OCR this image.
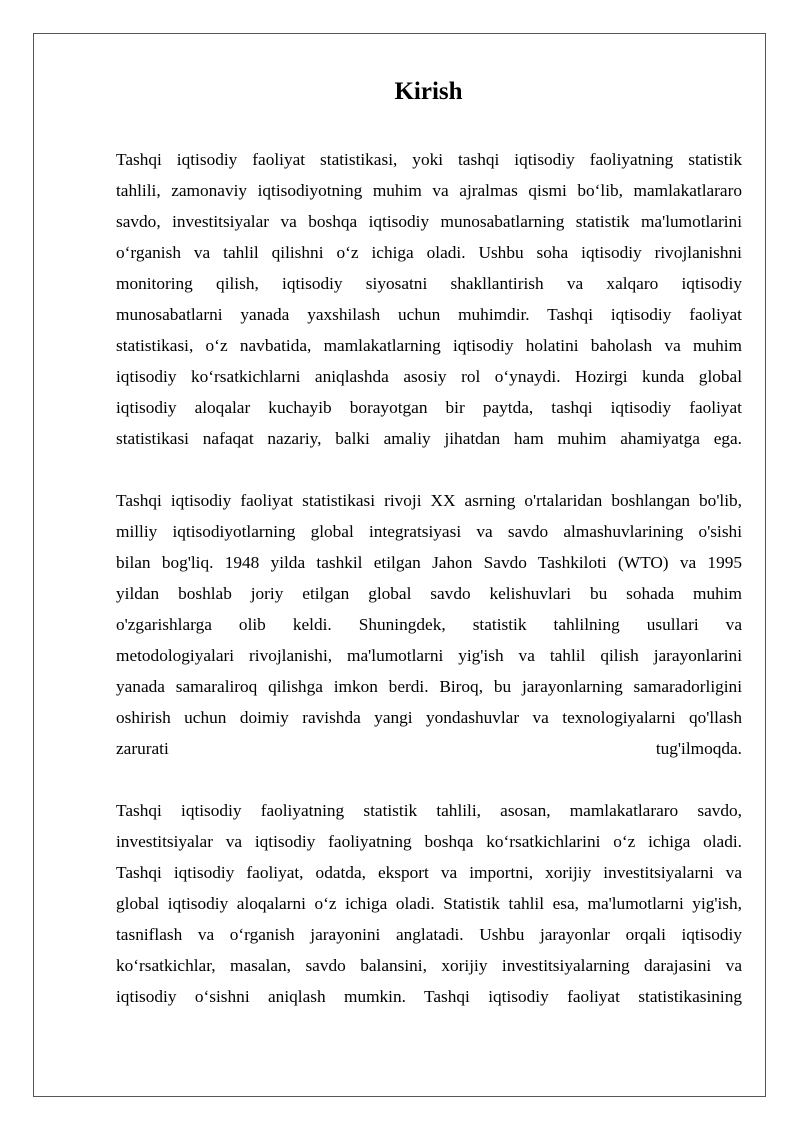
Kirish
Tashqi iqtisodiy faoliyat statistikasi, yoki tashqi iqtisodiy faoliyatning statistik
tahlili, zamonaviy iqtisodiyotning muhim va ajralmas qismi bo‘lib, mamlakatlararo
savdo, investitsiyalar va boshqa iqtisodiy munosabatlarning statistik ma'lumotlarini
o‘rganish va tahlil qilishni o‘z ichiga oladi. Ushbu soha iqtisodiy rivojlanishni
monitoring qilish, iqtisodiy siyosatni shakllantirish va xalqaro iqtisodiy
munosabatlarni yanada yaxshilash uchun muhimdir. Tashqi iqtisodiy faoliyat
statistikasi, o‘z navbatida, mamlakatlarning iqtisodiy holatini baholash va muhim
iqtisodiy ko‘rsatkichlarni aniqlashda asosiy rol o‘ynaydi. Hozirgi kunda global
iqtisodiy aloqalar kuchayib borayotgan bir paytda, tashqi iqtisodiy faoliyat
statistikasi nafaqat nazariy, balki amaliy jihatdan ham muhim ahamiyatga ega.
Tashqi iqtisodiy faoliyat statistikasi rivoji XX asrning o'rtalaridan boshlangan bo'lib,
milliy iqtisodiyotlarning global integratsiyasi va savdo almashuvlarining o'sishi
bilan bog'liq. 1948 yilda tashkil etilgan Jahon Savdo Tashkiloti (WTO) va 1995
yildan boshlab joriy etilgan global savdo kelishuvlari bu sohada muhim
o'zgarishlarga olib keldi. Shuningdek, statistik tahlilning usullari va
metodologiyalari rivojlanishi, ma'lumotlarni yig'ish va tahlil qilish jarayonlarini
yanada samaraliroq qilishga imkon berdi. Biroq, bu jarayonlarning samaradorligini
oshirish uchun doimiy ravishda yangi yondashuvlar va texnologiyalarni qo'llash
zarurati tug'ilmoqda.
Tashqi iqtisodiy faoliyatning statistik tahlili, asosan, mamlakatlararo savdo,
investitsiyalar va iqtisodiy faoliyatning boshqa ko‘rsatkichlarini o‘z ichiga oladi.
Tashqi iqtisodiy faoliyat, odatda, eksport va importni, xorijiy investitsiyalarni va
global iqtisodiy aloqalarni o‘z ichiga oladi. Statistik tahlil esa, ma'lumotlarni yig'ish,
tasniflash va o‘rganish jarayonini anglatadi. Ushbu jarayonlar orqali iqtisodiy
ko‘rsatkichlar, masalan, savdo balansini, xorijiy investitsiyalarning darajasini va
iqtisodiy o‘sishni aniqlash mumkin. Tashqi iqtisodiy faoliyat statistikasining
